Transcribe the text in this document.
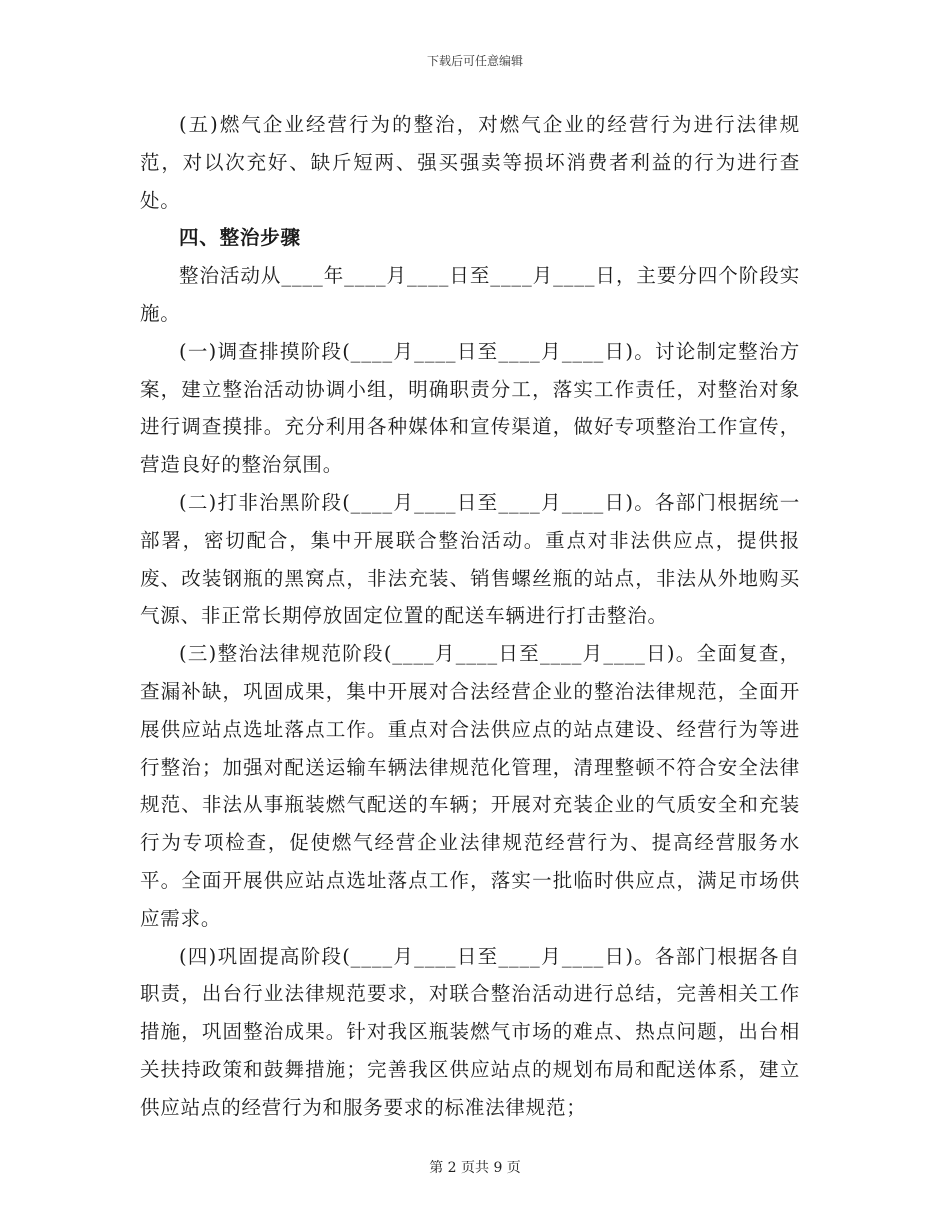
下载后可任意编辑

(五)燃气企业经营行为的整治，对燃气企业的经营行为进行法律规范，对以次充好、缺斤短两、强买强卖等损坏消费者利益的行为进行查处。

四、整治步骤

整治活动从____年____月____日至____月____日，主要分四个阶段实施。

(一)调查排摸阶段(____月____日至____月____日)。讨论制定整治方案，建立整治活动协调小组，明确职责分工，落实工作责任，对整治对象进行调查摸排。充分利用各种媒体和宣传渠道，做好专项整治工作宣传，营造良好的整治氛围。

(二)打非治黑阶段(____月____日至____月____日)。各部门根据统一部署，密切配合，集中开展联合整治活动。重点对非法供应点，提供报废、改装钢瓶的黑窝点，非法充装、销售螺丝瓶的站点，非法从外地购买气源、非正常长期停放固定位置的配送车辆进行打击整治。

(三)整治法律规范阶段(____月____日至____月____日)。全面复查，查漏补缺，巩固成果，集中开展对合法经营企业的整治法律规范，全面开展供应站点选址落点工作。重点对合法供应点的站点建设、经营行为等进行整治；加强对配送运输车辆法律规范化管理，清理整顿不符合安全法律规范、非法从事瓶装燃气配送的车辆；开展对充装企业的气质安全和充装行为专项检查，促使燃气经营企业法律规范经营行为、提高经营服务水平。全面开展供应站点选址落点工作，落实一批临时供应点，满足市场供应需求。

(四)巩固提高阶段(____月____日至____月____日)。各部门根据各自职责，出台行业法律规范要求，对联合整治活动进行总结，完善相关工作措施，巩固整治成果。针对我区瓶装燃气市场的难点、热点问题，出台相关扶持政策和鼓舞措施；完善我区供应站点的规划布局和配送体系，建立供应站点的经营行为和服务要求的标准法律规范；

第 2 页共 9 页
